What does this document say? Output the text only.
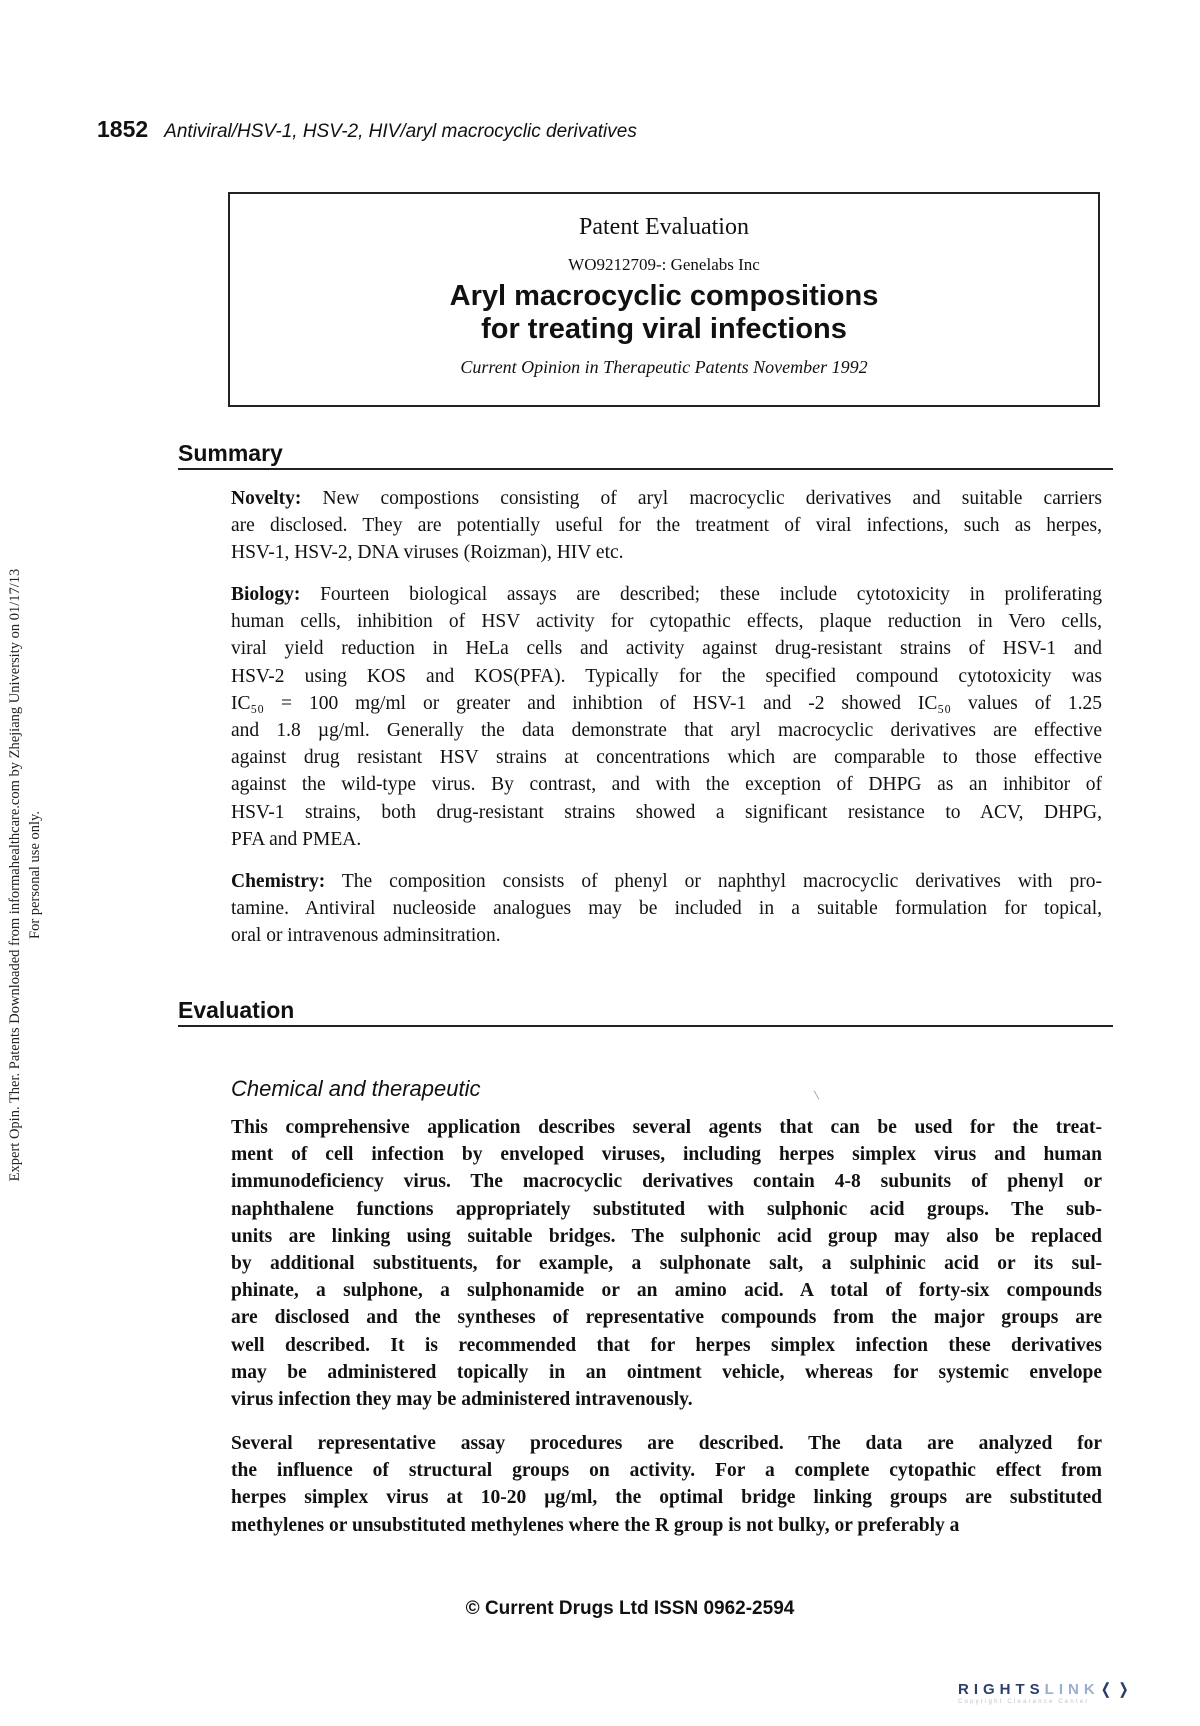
1852 Antiviral/HSV-1, HSV-2, HIV/aryl macrocyclic derivatives
Patent Evaluation
WO9212709-: Genelabs Inc
Aryl macrocyclic compositions
for treating viral infections
Current Opinion in Therapeutic Patents November 1992
Summary
Novelty: New compostions consisting of aryl macrocyclic derivatives and suitable carriers
are disclosed. They are potentially useful for the treatment of viral infections, such as herpes,
HSV-1, HSV-2, DNA viruses (Roizman), HIV etc.
Biology: Fourteen biological assays are described; these include cytotoxicity in proliferating
human cells, inhibition of HSV activity for cytopathic effects, plaque reduction in Vero cells,
viral yield reduction in HeLa cells and activity against drug-resistant strains of HSV-1 and
HSV-2 using KOS and KOS(PFA). Typically for the specified compound cytotoxicity was
IC₅₀ = 100 mg/ml or greater and inhibtion of HSV-1 and -2 showed IC₅₀ values of 1.25
and 1.8 µg/ml. Generally the data demonstrate that aryl macrocyclic derivatives are effective
against drug resistant HSV strains at concentrations which are comparable to those effective
against the wild-type virus. By contrast, and with the exception of DHPG as an inhibitor of
HSV-1 strains, both drug-resistant strains showed a significant resistance to ACV, DHPG,
PFA and PMEA.
Chemistry: The composition consists of phenyl or naphthyl macrocyclic derivatives with pro-
tamine. Antiviral nucleoside analogues may be included in a suitable formulation for topical,
oral or intravenous adminsitration.
Evaluation
Chemical and therapeutic
This comprehensive application describes several agents that can be used for the treat-
ment of cell infection by enveloped viruses, including herpes simplex virus and human
immunodeficiency virus. The macrocyclic derivatives contain 4-8 subunits of phenyl or
naphthalene functions appropriately substituted with sulphonic acid groups. The sub-
units are linking using suitable bridges. The sulphonic acid group may also be replaced
by additional substituents, for example, a sulphonate salt, a sulphinic acid or its sul-
phinate, a sulphone, a sulphonamide or an amino acid. A total of forty-six compounds
are disclosed and the syntheses of representative compounds from the major groups are
well described. It is recommended that for herpes simplex infection these derivatives
may be administered topically in an ointment vehicle, whereas for systemic envelope
virus infection they may be administered intravenously.
Several representative assay procedures are described. The data are analyzed for
the influence of structural groups on activity. For a complete cytopathic effect from
herpes simplex virus at 10-20 µg/ml, the optimal bridge linking groups are substituted
methylenes or unsubstituted methylenes where the R group is not bulky, or preferably a
© Current Drugs Ltd ISSN 0962-2594
Expert Opin. Ther. Patents Downloaded from informahealthcare.com by Zhejiang University on 01/17/13 For personal use only.
RIGHTSLINK❬❭
Copyright Clearance Center
